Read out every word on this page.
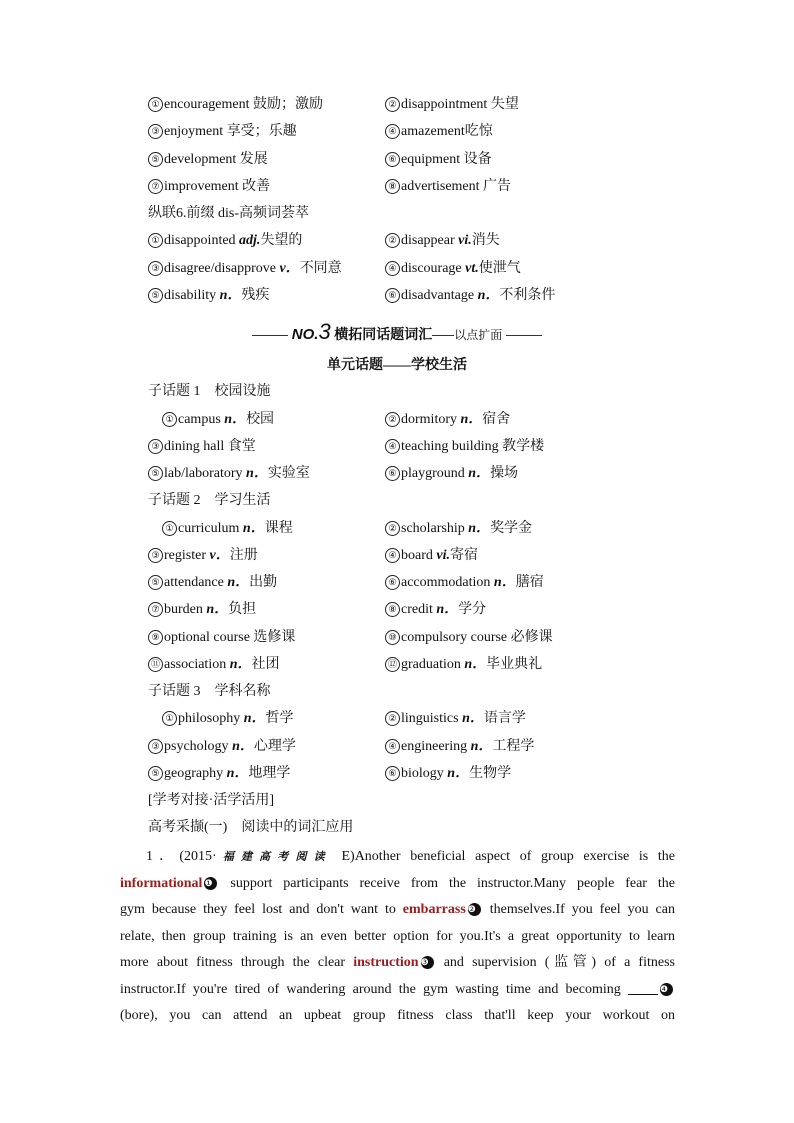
① encouragement 鼓励；激励	② disappointment 失望
③ enjoyment 享受；乐趣	④ amazement吃惊
⑤ development 发展	⑥ equipment 设备
⑦ improvement 改善	⑧ advertisement 广告
纵联6.前缀 dis-高频词荟萃
① disappointed adj.失望的	② disappear vi.消失
③ disagree/disapprove v．不同意	④ discourage vt.使泄气
⑤ disability n．残疾	⑥ disadvantage n．不利条件
NO.3 横拓同话题词汇 以点扩面
单元话题——学校生活
子话题 1　校园设施
① campus n．校园	② dormitory n．宿舍
③ dining hall 食堂	④ teaching building 教学楼
⑤ lab/laboratory n．实验室	⑥ playground n．操场
子话题 2　学习生活
① curriculum n．课程	② scholarship n．奖学金
③ register v．注册	④ board vi.寄宿
⑤ attendance n．出勤	⑥ accommodation n．膳宿
⑦ burden n．负担	⑧ credit n．学分
⑨ optional course 选修课	⑩ compulsory course 必修课
⑪ association n．社团	⑫ graduation n．毕业典礼
子话题 3　学科名称
① philosophy n．哲学	② linguistics n．语言学
③ psychology n．心理学	④ engineering n．工程学
⑤ geography n．地理学	⑥ biology n．生物学
[学考对接·活学活用]
高考采撷(一)　阅读中的词汇应用
1．(2015·福建高考阅读 E)Another beneficial aspect of group exercise is the
informational ❶ support participants receive from the instructor.Many people fear the
gym because they feel lost and don't want to embarrass ❷ themselves.If you feel you can
relate, then group training is an even better option for you.It's a great opportunity to learn
more about fitness through the clear instruction ❸ and supervision (监管) of a fitness
instructor.If you're tired of wandering around the gym wasting time and becoming	❹
(bore), you can attend an upbeat group fitness class that'll keep your workout on
